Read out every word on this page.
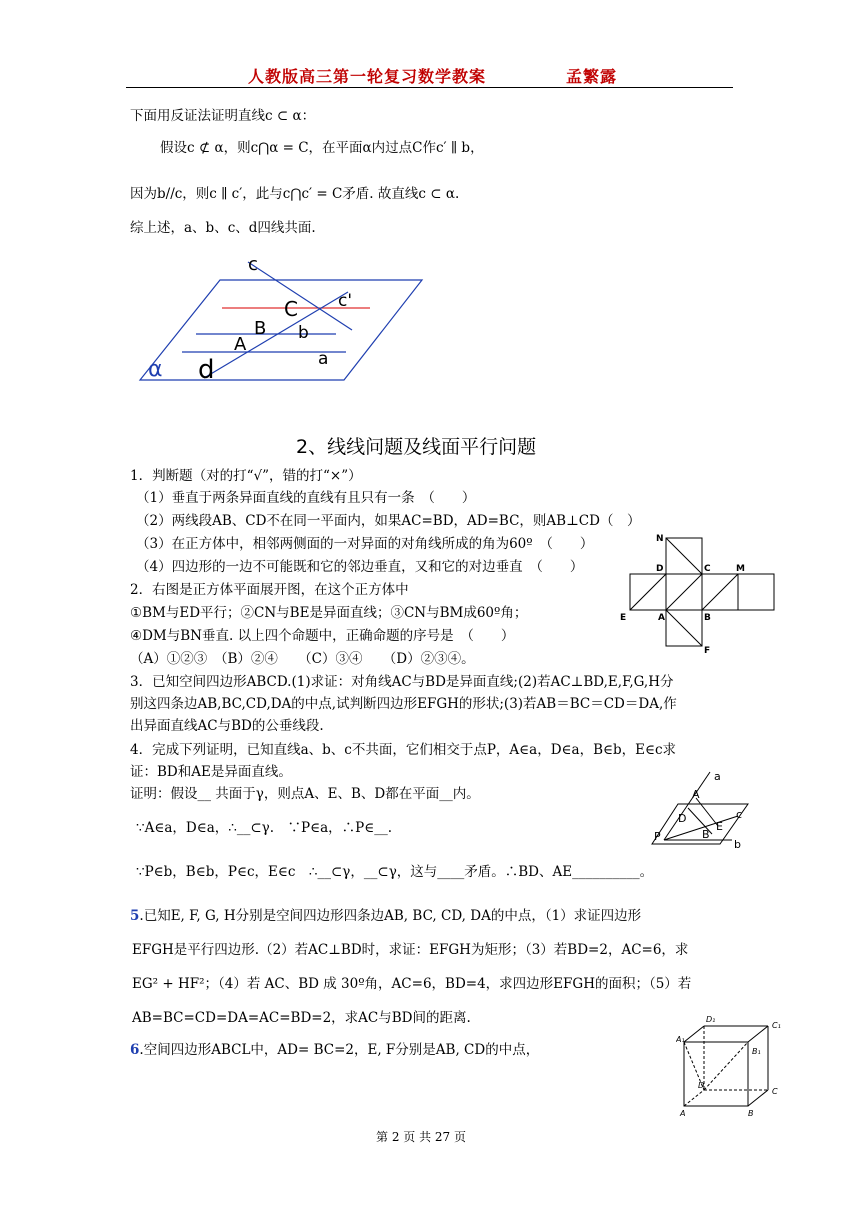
人教版高三第一轮复习数学教案	孟繁露
下面用反证法证明直线c ⊂ α：
假设c ⊄ α，则c⋂α = C，在平面α内过点C作c′ ∥ b，
因为b//c，则c ∥ c′，此与c⋂c′ = C矛盾. 故直线c ⊂ α.
综上述，a、b、c、d四线共面.
c
c'
C
B b
A
a
d
α
2、线线问题及线面平行问题
1．判断题（对的打“√”，错的打“×”）
（1）垂直于两条异面直线的直线有且只有一条　（　　）
（2）两线段AB、CD不在同一平面内，如果AC=BD，AD=BC，则AB⊥CD（　）
（3）在正方体中，相邻两侧面的一对异面的对角线所成的角为60º　（　　）
（4）四边形的一边不可能既和它的邻边垂直，又和它的对边垂直　（　　）
2．右图是正方体平面展开图，在这个正方体中
①BM与ED平行；②CN与BE是异面直线；③CN与BM成60º角；
④DM与BN垂直. 以上四个命题中，正确命题的序号是　（　　）
（A）①②③　（B）②④　　（C）③④　　（D）②③④。
N
D	C	M
E	A	B
F
3．已知空间四边形ABCD.(1)求证：对角线AC与BD是异面直线;(2)若AC⊥BD,E,F,G,H分
别这四条边AB,BC,CD,DA的中点,试判断四边形EFGH的形状;(3)若AB＝BC＝CD＝DA,作
出异面直线AC与BD的公垂线段.
4．完成下列证明，已知直线a、b、c不共面，它们相交于点P，A∈a，D∈a，B∈b，E∈c求
证：BD和AE是异面直线。
证明：假设__ 共面于γ，则点A、E、B、D都在平面__内。
∵A∈a，D∈a，∴__⊂γ.　∵P∈a，∴P∈__.
∵P∈b，B∈b，P∈c，E∈c　∴__⊂γ，__⊂γ，这与____矛盾。∴BD、AE__________。
a
A
c
D
E
P	B
b
5.已知E, F, G, H分别是空间四边形四条边AB, BC, CD, DA的中点，（1）求证四边形
EFGH是平行四边形.（2）若AC⊥BD时，求证：EFGH为矩形；（3）若BD=2，AC=6，求
EG² + HF²；（4）若 AC、BD 成 30º角，AC=6，BD=4，求四边形EFGH的面积；（5）若
AB=BC=CD=DA=AC=BD=2，求AC与BD间的距离.
6.空间四边形ABCL中，AD= BC=2，E, F分别是AB, CD的中点，
D₁
C₁
A₁
B₁
D
C
A	B
第 2 页 共 27 页
